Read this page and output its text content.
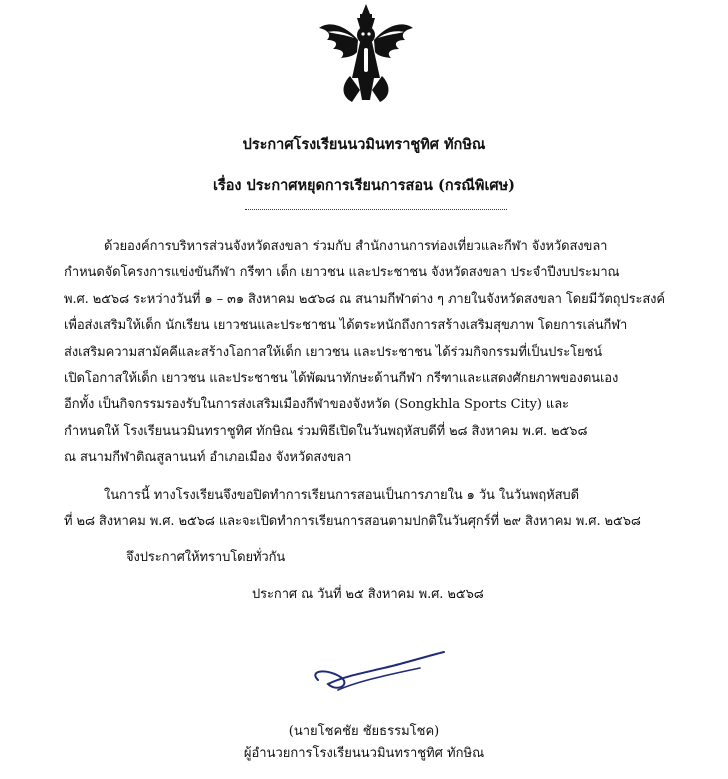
ประกาศโรงเรียนนวมินทราชูทิศ ทักษิณ
เรื่อง ประกาศหยุดการเรียนการสอน (กรณีพิเศษ)
ด้วยองค์การบริหารส่วนจังหวัดสงขลา ร่วมกับ สำนักงานการท่องเที่ยวและกีฬา จังหวัดสงขลา
กำหนดจัดโครงการแข่งขันกีฬา กรีฑา เด็ก เยาวชน และประชาชน จังหวัดสงขลา ประจำปีงบประมาณ
พ.ศ. ๒๕๖๘ ระหว่างวันที่ ๑ – ๓๑ สิงหาคม ๒๕๖๘ ณ สนามกีฬาต่าง ๆ ภายในจังหวัดสงขลา โดยมีวัตถุประสงค์
เพื่อส่งเสริมให้เด็ก นักเรียน เยาวชนและประชาชน ได้ตระหนักถึงการสร้างเสริมสุขภาพ โดยการเล่นกีฬา
ส่งเสริมความสามัคคีและสร้างโอกาสให้เด็ก เยาวชน และประชาชน ได้ร่วมกิจกรรมที่เป็นประโยชน์
เปิดโอกาสให้เด็ก เยาวชน และประชาชน ได้พัฒนาทักษะด้านกีฬา กรีฑาและแสดงศักยภาพของตนเอง
อีกทั้ง เป็นกิจกรรมรองรับในการส่งเสริมเมืองกีฬาของจังหวัด (Songkhla Sports City) และ
กำหนดให้ โรงเรียนนวมินทราชูทิศ ทักษิณ ร่วมพิธีเปิดในวันพฤหัสบดีที่ ๒๘ สิงหาคม พ.ศ. ๒๕๖๘
ณ สนามกีฬาติณสูลานนท์ อำเภอเมือง จังหวัดสงขลา
ในการนี้ ทางโรงเรียนจึงขอปิดทำการเรียนการสอนเป็นการภายใน ๑ วัน ในวันพฤหัสบดี
ที่ ๒๘ สิงหาคม พ.ศ. ๒๕๖๘ และจะเปิดทำการเรียนการสอนตามปกติในวันศุกร์ที่ ๒๙ สิงหาคม พ.ศ. ๒๕๖๘
จึงประกาศให้ทราบโดยทั่วกัน
ประกาศ ณ วันที่ ๒๕ สิงหาคม พ.ศ. ๒๕๖๘
(นายโชคชัย ชัยธรรมโชค)
ผู้อำนวยการโรงเรียนนวมินทราชูทิศ ทักษิณ
